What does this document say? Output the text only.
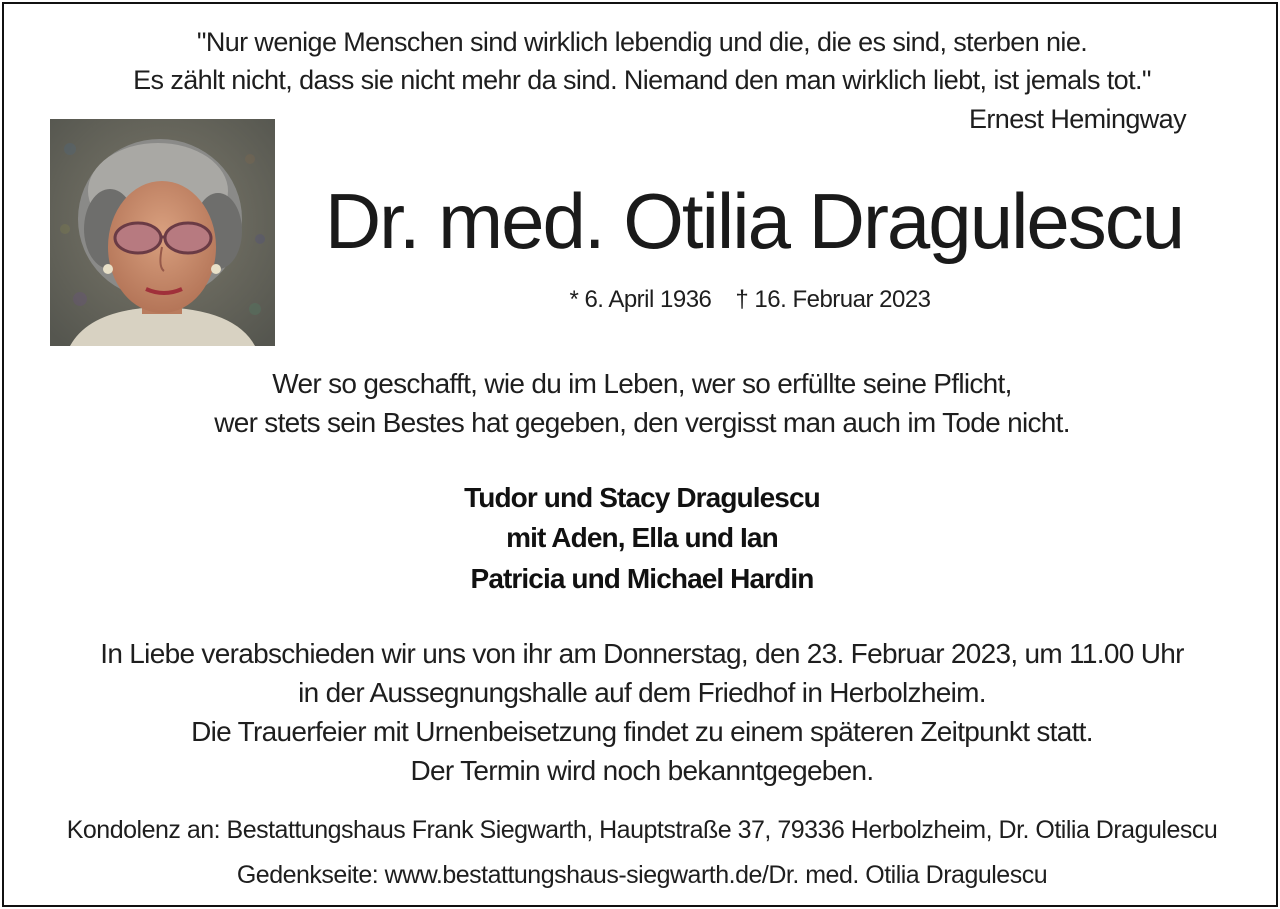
"Nur wenige Menschen sind wirklich lebendig und die, die es sind, sterben nie.
Es zählt nicht, dass sie nicht mehr da sind. Niemand den man wirklich liebt, ist jemals tot."
Ernest Hemingway
Dr. med. Otilia Dragulescu
* 6. April 1936 † 16. Februar 2023
Wer so geschafft, wie du im Leben, wer so erfüllte seine Pflicht,
wer stets sein Bestes hat gegeben, den vergisst man auch im Tode nicht.
Tudor und Stacy Dragulescu
mit Aden, Ella und Ian
Patricia und Michael Hardin
In Liebe verabschieden wir uns von ihr am Donnerstag, den 23. Februar 2023, um 11.00 Uhr
in der Aussegnungshalle auf dem Friedhof in Herbolzheim.
Die Trauerfeier mit Urnenbeisetzung findet zu einem späteren Zeitpunkt statt.
Der Termin wird noch bekanntgegeben.
Kondolenz an: Bestattungshaus Frank Siegwarth, Hauptstraße 37, 79336 Herbolzheim, Dr. Otilia Dragulescu
Gedenkseite: www.bestattungshaus-siegwarth.de/Dr. med. Otilia Dragulescu
